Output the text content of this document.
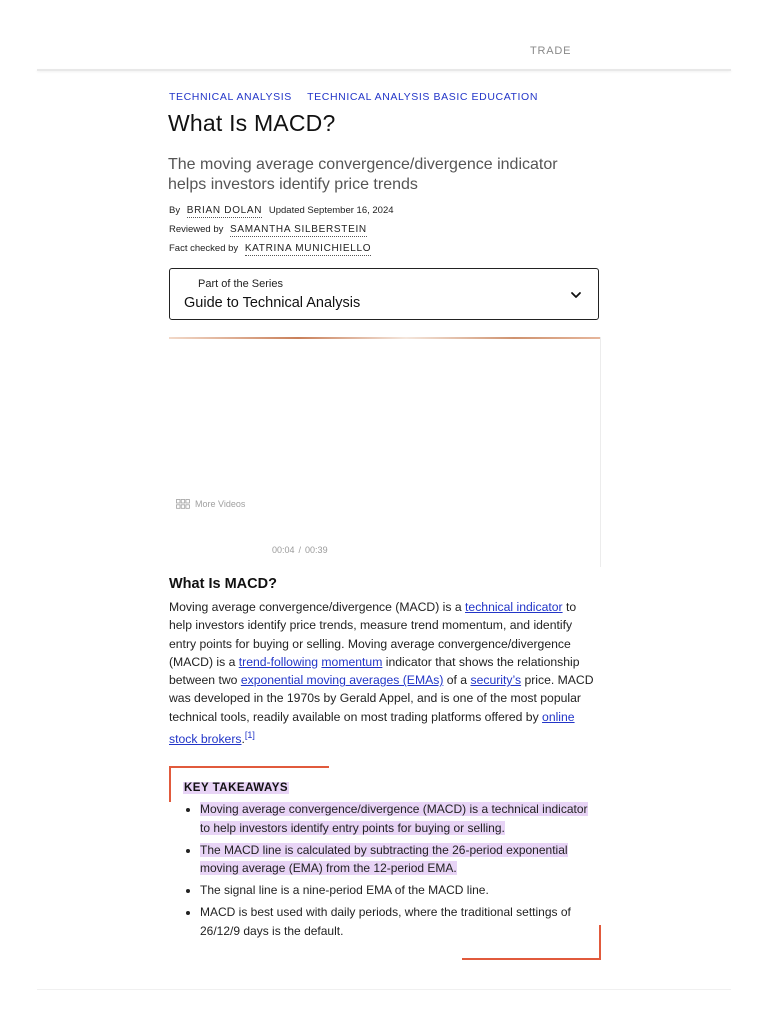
TRADE
TECHNICAL ANALYSIS TECHNICAL ANALYSIS BASIC EDUCATION
What Is MACD?

The moving average convergence/divergence indicator helps investors identify price trends

By BRIAN DOLAN Updated September 16, 2024
Reviewed by SAMANTHA SILBERSTEIN
Fact checked by KATRINA MUNICHIELLO
Part of the Series
Guide to Technical Analysis
More Videos
00:04 / 00:39
What Is MACD?

Moving average convergence/divergence (MACD) is a technical indicator to help investors identify price trends, measure trend momentum, and identify entry points for buying or selling. Moving average convergence/divergence (MACD) is a trend-following momentum indicator that shows the relationship between two exponential moving averages (EMAs) of a security’s price. MACD was developed in the 1970s by Gerald Appel, and is one of the most popular technical tools, readily available on most trading platforms offered by online stock brokers.[1]

KEY TAKEAWAYS
• Moving average convergence/divergence (MACD) is a technical indicator to help investors identify entry points for buying or selling.
• The MACD line is calculated by subtracting the 26-period exponential moving average (EMA) from the 12-period EMA.
• The signal line is a nine-period EMA of the MACD line.
• MACD is best used with daily periods, where the traditional settings of 26/12/9 days is the default.
